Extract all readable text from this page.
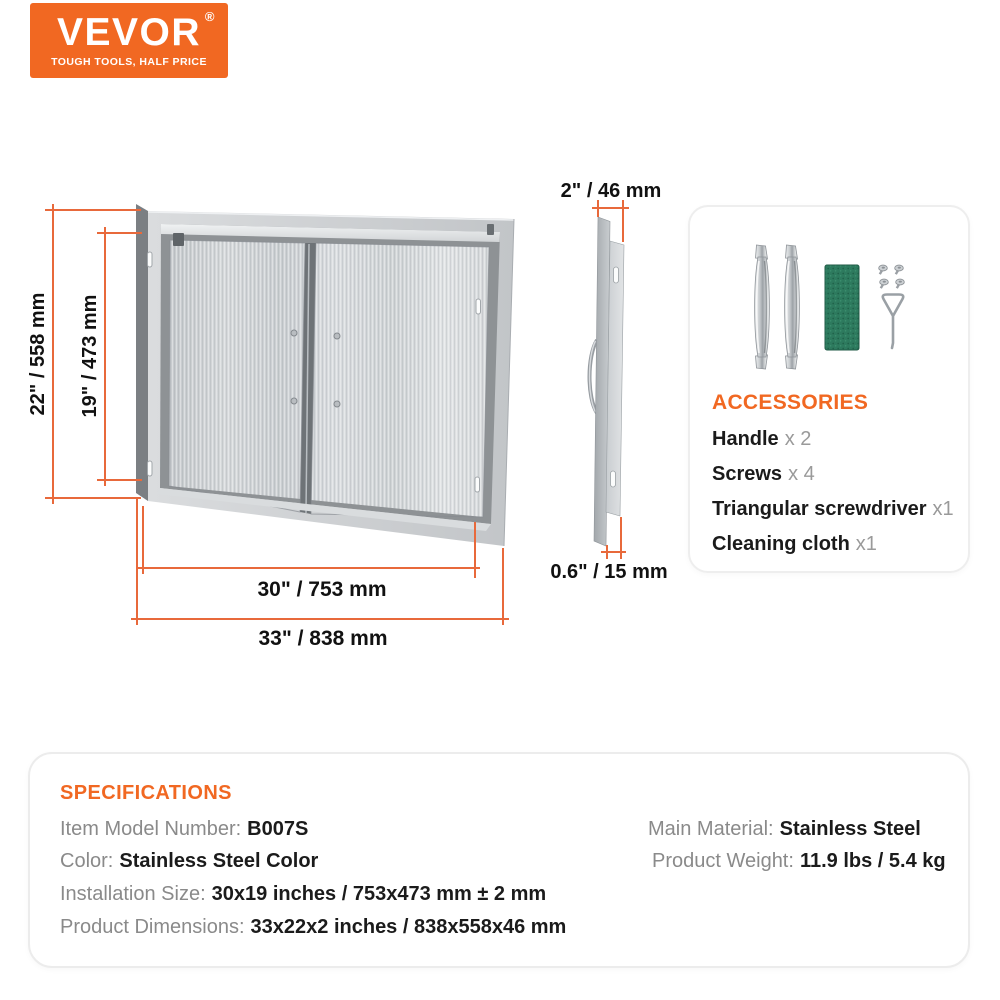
VEVOR ®
TOUGH TOOLS, HALF PRICE
22" / 558 mm 19" / 473 mm
30" / 753 mm
33" / 838 mm
2" / 46 mm
0.6" / 15 mm
ACCESSORIES
Handle x 2
Screws x 4
Triangular screwdriver x1
Cleaning cloth x1
SPECIFICATIONS
Item Model Number: B007S
Color: Stainless Steel Color
Installation Size: 30x19 inches / 753x473 mm ± 2 mm
Product Dimensions: 33x22x2 inches / 838x558x46 mm
Main Material: Stainless Steel
Product Weight: 11.9 lbs / 5.4 kg
